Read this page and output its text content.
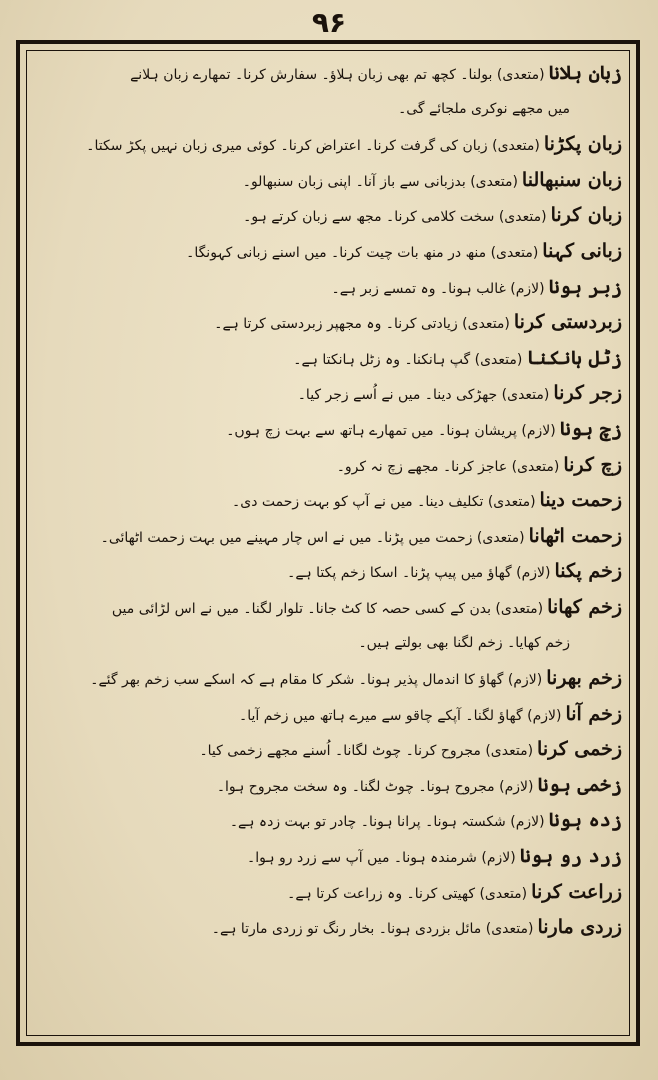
۹۶
زبان ہلانا(متعدی) بولنا۔ کچھ تم بھی زبان ہلاؤ۔ سفارش کرنا۔ تمھارے زبان ہلانے
میں مجھے نوکری ملجائے گی۔
زبان پکڑنا(متعدی) زبان کی گرفت کرنا۔ اعتراض کرنا۔ کوئی میری زبان نہیں پکڑ سکتا۔
زبان سنبھالنا(متعدی) بدزبانی سے باز آنا۔ اپنی زبان سنبھالو۔
زبان کرنا(متعدی) سخت کلامی کرنا۔ مجھ سے زبان کرتے ہو۔
زبانی کہنا(متعدی) منھ در منھ بات چیت کرنا۔ میں اسنے زبانی کہونگا۔
زبر ہونا(لازم) غالب ہونا۔ وہ تمسے زبر ہے۔
زبردستی کرنا(متعدی) زیادتی کرنا۔ وہ مجھپر زبردستی کرتا ہے۔
زٹل ہانکنا(متعدی) گپ ہانکنا۔ وہ زٹل ہانکتا ہے۔
زجر کرنا(متعدی) جھڑکی دینا۔ میں نے اُسے زجر کیا۔
زچ ہونا(لازم) پریشان ہونا۔ میں تمھارے ہاتھ سے بہت زچ ہوں۔
زچ کرنا(متعدی) عاجز کرنا۔ مجھے زچ نہ کرو۔
زحمت دینا(متعدی) تکلیف دینا۔ میں نے آپ کو بہت زحمت دی۔
زحمت اٹھانا(متعدی) زحمت میں پڑنا۔ میں نے اس چار مہینے میں بہت زحمت اٹھائی۔
زخم پکنا(لازم) گھاؤ میں پیپ پڑنا۔ اسکا زخم پکتا ہے۔
زخم کھانا(متعدی) بدن کے کسی حصہ کا کٹ جانا۔ تلوار لگنا۔ میں نے اس لڑائی میں
زخم کھایا۔ زخم لگنا بھی بولتے ہیں۔
زخم بھرنا(لازم) گھاؤ کا اندمال پذیر ہونا۔ شکر کا مقام ہے کہ اسکے سب زخم بھر گئے۔
زخم آنا(لازم) گھاؤ لگنا۔ آپکے چاقو سے میرے ہاتھ میں زخم آیا۔
زخمی کرنا(متعدی) مجروح کرنا۔ چوٹ لگانا۔ اُسنے مجھے زخمی کیا۔
زخمی ہونا(لازم) مجروح ہونا۔ چوٹ لگنا۔ وہ سخت مجروح ہوا۔
زدہ ہونا(لازم) شکستہ ہونا۔ پرانا ہونا۔ چادر تو بہت زدہ ہے۔
زرد رو ہونا(لازم) شرمندہ ہونا۔ میں آپ سے زرد رو ہوا۔
زراعت کرنا(متعدی) کھیتی کرنا۔ وہ زراعت کرتا ہے۔
زردی مارنا(متعدی) مائل بزردی ہونا۔ بخار رنگ تو زردی مارتا ہے۔
